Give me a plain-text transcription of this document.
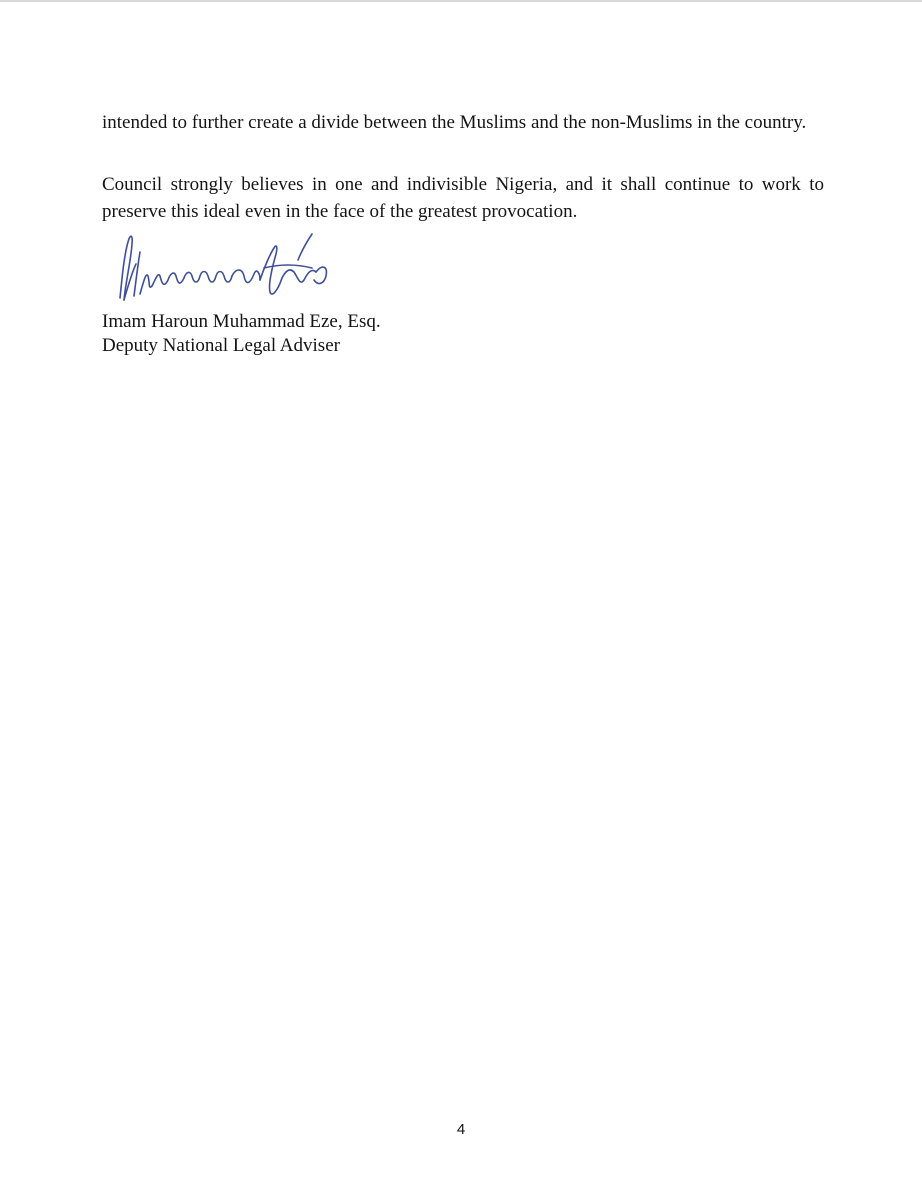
intended to further create a divide between the Muslims and the non-Muslims in the country.

Council strongly believes in one and indivisible Nigeria, and it shall continue to work to preserve this ideal even in the face of the greatest provocation.

Imam Haroun Muhammad Eze, Esq.

Deputy National Legal Adviser

4
